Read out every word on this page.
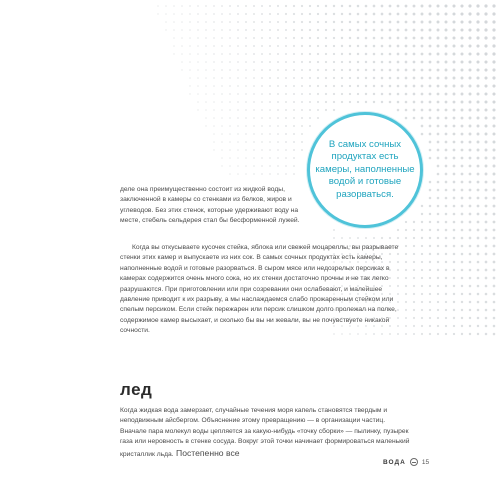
В самых сочных продуктах есть камеры, наполненные водой и готовые разорваться.

деле она преимущественно состоит из жидкой воды, заключенной в камеры со стенками из белков, жиров и углеводов. Без этих стенок, которые удерживают воду на месте, стебель сельдерея стал бы бесформенной лужей.

Когда вы откусываете кусочек стейка, яблока или свежей моцареллы, вы разрываете стенки этих камер и выпускаете из них сок. В самых сочных продуктах есть камеры, наполненные водой и готовые разорваться. В сыром мясе или недозрелых персиках в камерах содержится очень много сока, но их стенки достаточно прочны и не так легко разрушаются. При приготовлении или при созревании они ослабевают, и малейшее давление приводит к их разрыву, а мы наслаждаемся слабо прожаренным стейком или спелым персиком. Если стейк пережарен или персик слишком долго пролежал на полке, содержимое камер высыхает, и сколько бы вы ни жевали, вы не почувствуете никакой сочности.

лед

Когда жидкая вода замерзает, случайные течения моря капель становятся твердым и неподвижным айсбергом. Объяснение этому превращению — в организации частиц. Вначале пара молекул воды цепляется за какую-нибудь «точку сборки» — пылинку, пузырек газа или неровность в стенке сосуда. Вокруг этой точки начинает формироваться маленький кристаллик льда. Постепенно все

ВОДА 15
